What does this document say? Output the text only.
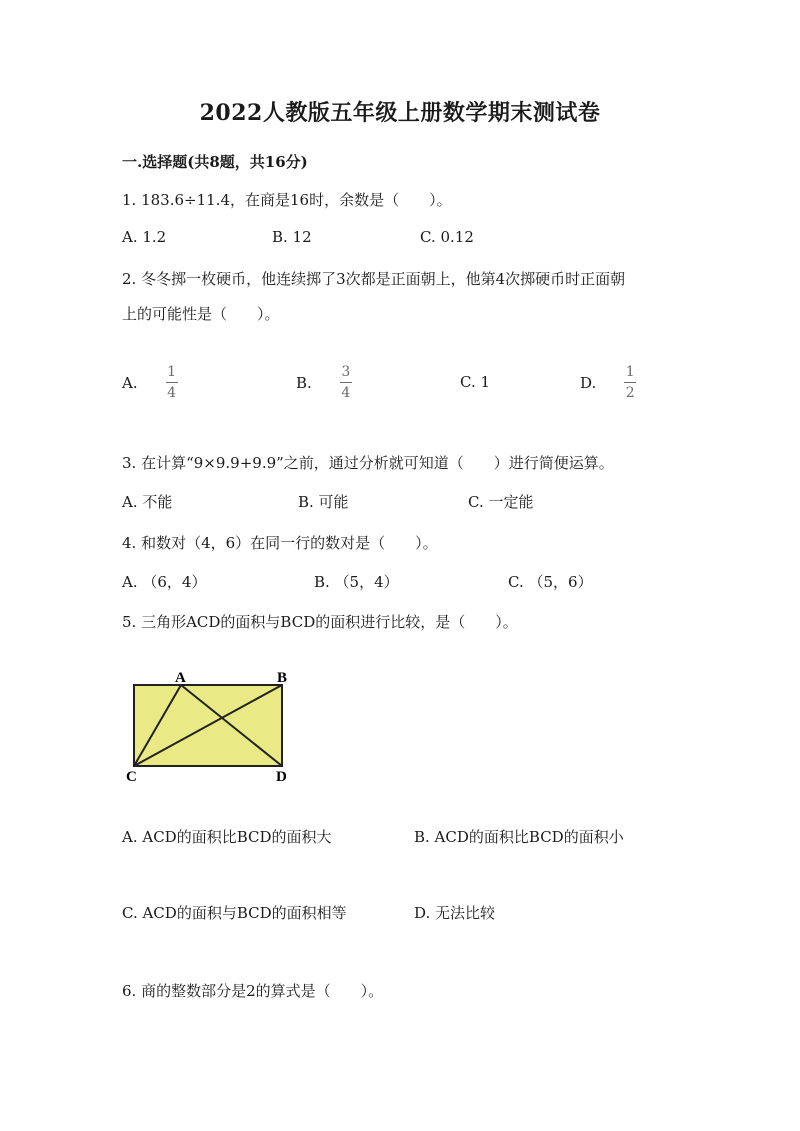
2022人教版五年级上册数学期末测试卷
一.选择题(共8题，共16分)
1. 183.6÷11.4，在商是16时，余数是（　　）。
A. 1.2	B. 12	C. 0.12
2. 冬冬掷一枚硬币，他连续掷了3次都是正面朝上，他第4次掷硬币时正面朝
上的可能性是（　　）。
A. $\frac{1}{4}$	B. $\frac{3}{4}$	C. 1	D. $\frac{1}{2}$
3. 在计算“9×9.9+9.9”之前，通过分析就可知道（　　）进行简便运算。
A. 不能	B. 可能	C. 一定能
4. 和数对（4，6）在同一行的数对是（　　）。
A. （6，4）	B. （5，4）	C. （5，6）
5. 三角形ACD的面积与BCD的面积进行比较，是（　　）。
A	B
C	D
A. ACD的面积比BCD的面积大	B. ACD的面积比BCD的面积小
C. ACD的面积与BCD的面积相等	D. 无法比较
6. 商的整数部分是2的算式是（　　）。
